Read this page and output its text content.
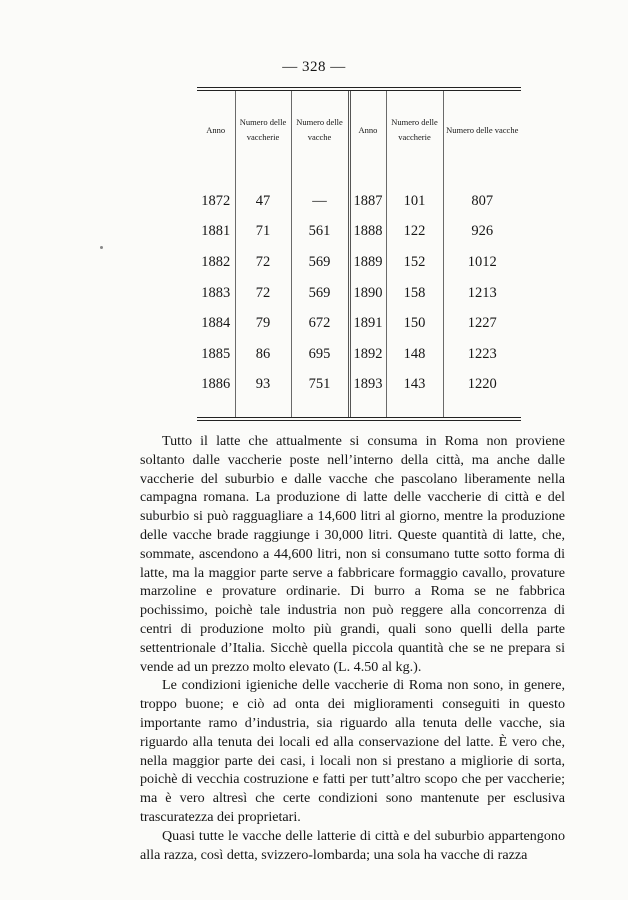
— 328 —
Anno	Numero delle vaccherie	Numero delle vacche	Anno	Numero delle vaccherie	Numero delle vacche

1872	47	—	1887	101	807
1881	71	561	1888	122	926
1882	72	569	1889	152	1012
1883	72	569	1890	158	1213
1884	79	672	1891	150	1227
1885	86	695	1892	148	1223
1886	93	751	1893	143	1220

Tutto il latte che attualmente si consuma in Roma non proviene soltanto dalle vaccherie poste nell’interno della città, ma anche dalle vaccherie del suburbio e dalle vacche che pascolano liberamente nella campagna romana. La produzione di latte delle vaccherie di città e del suburbio si può ragguagliare a 14,600 litri al giorno, mentre la produzione delle vacche brade raggiunge i 30,000 litri. Queste quantità di latte, che, sommate, ascendono a 44,600 litri, non si consumano tutte sotto forma di latte, ma la maggior parte serve a fabbricare formaggio cavallo, provature marzoline e provature ordinarie. Di burro a Roma se ne fabbrica pochissimo, poichè tale industria non può reggere alla concorrenza di centri di produzione molto più grandi, quali sono quelli della parte settentrionale d’Italia. Sicchè quella piccola quantità che se ne prepara si vende ad un prezzo molto elevato (L. 4.50 al kg.).

Le condizioni igieniche delle vaccherie di Roma non sono, in genere, troppo buone; e ciò ad onta dei miglioramenti conseguiti in questo importante ramo d’industria, sia riguardo alla tenuta delle vacche, sia riguardo alla tenuta dei locali ed alla conservazione del latte. È vero che, nella maggior parte dei casi, i locali non si prestano a migliorie di sorta, poichè di vecchia costruzione e fatti per tutt’altro scopo che per vaccherie; ma è vero altresì che certe condizioni sono mantenute per esclusiva trascuratezza dei proprietari.

Quasi tutte le vacche delle latterie di città e del suburbio appartengono alla razza, così detta, svizzero-lombarda; una sola ha vacche di razza
